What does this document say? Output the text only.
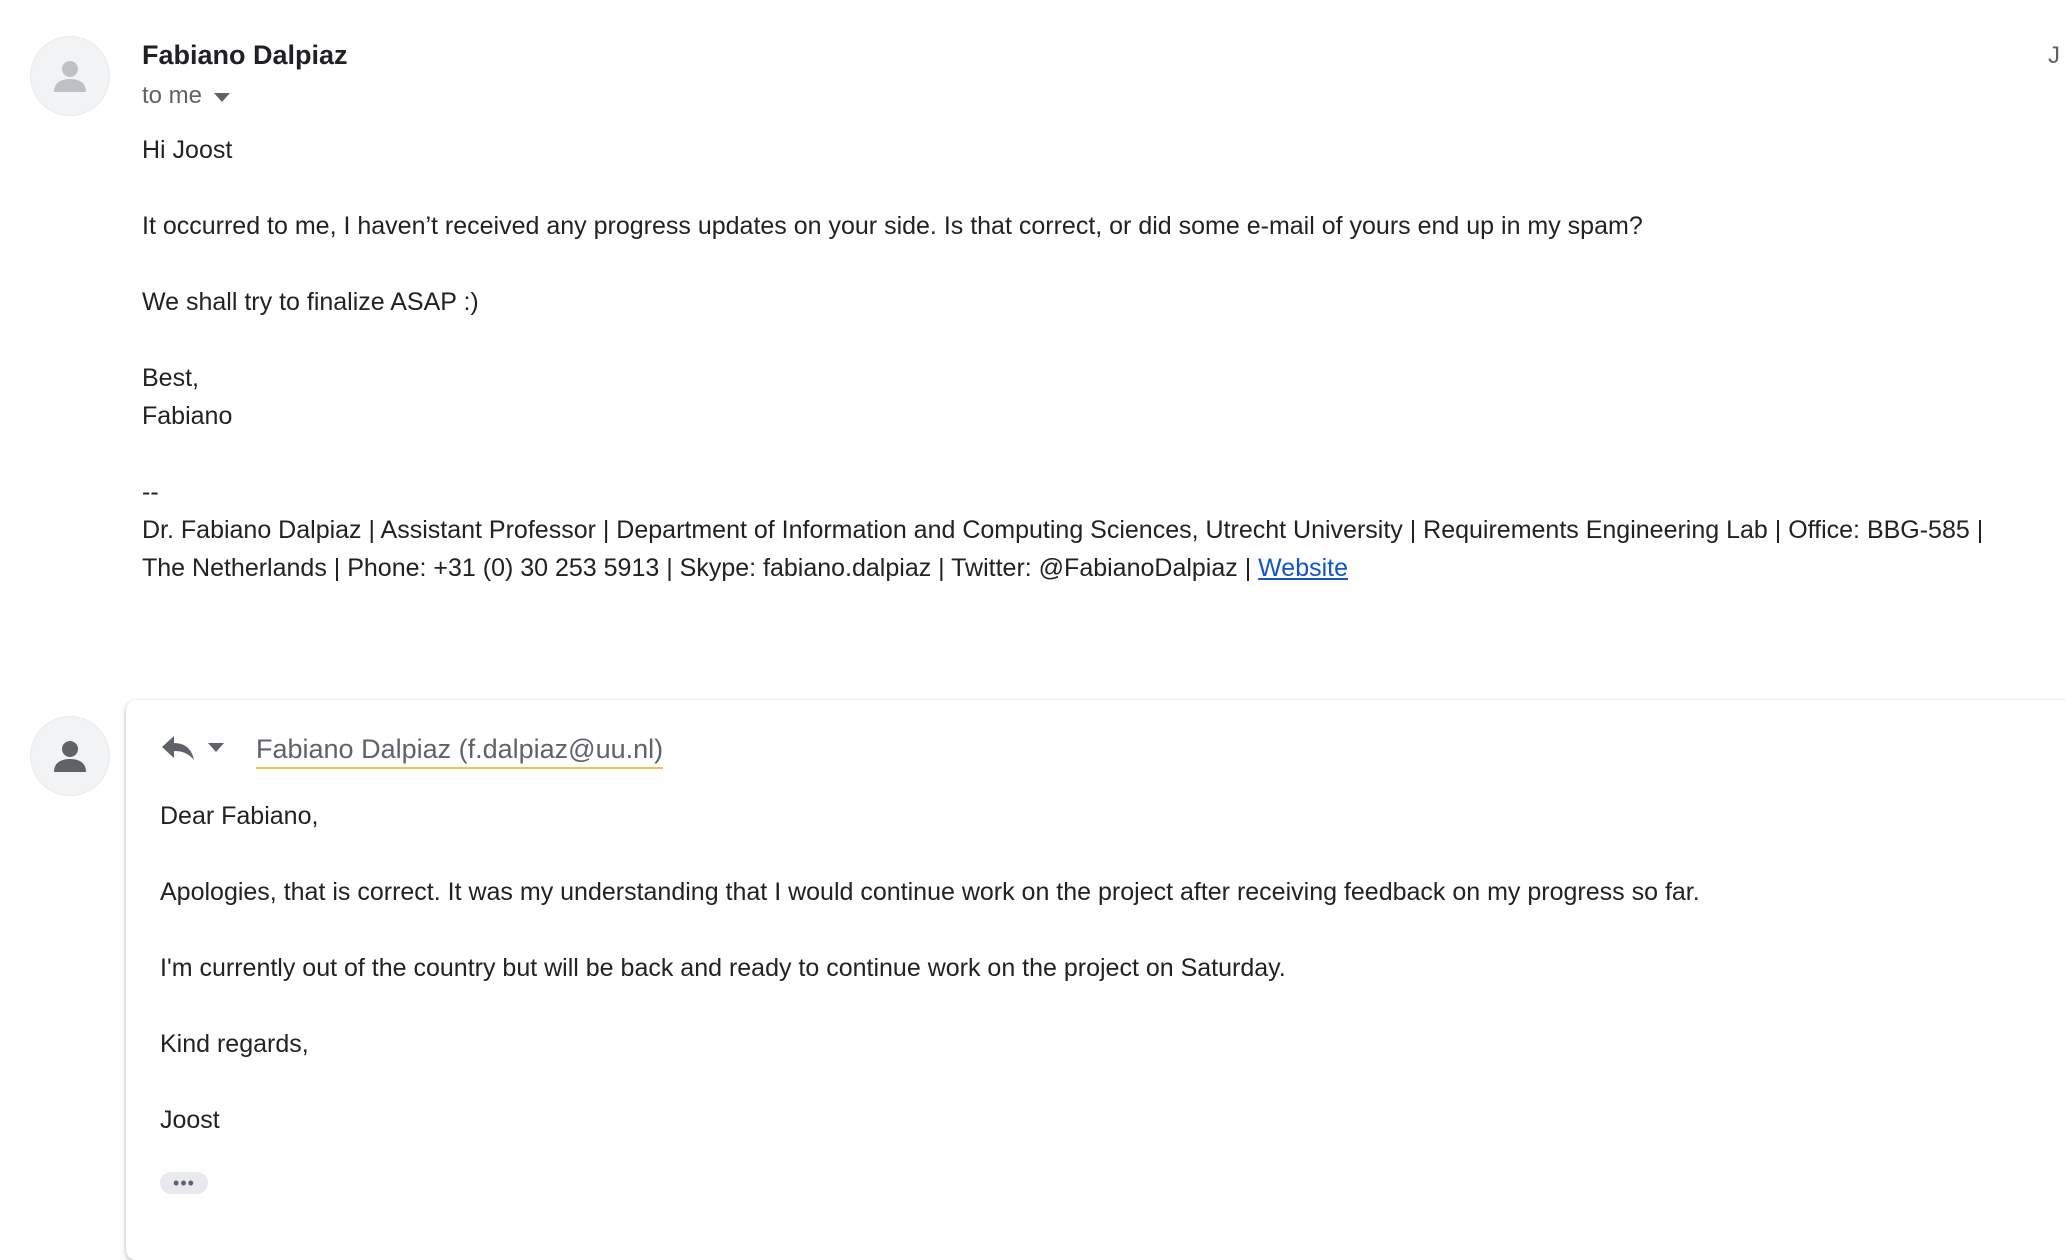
Fabiano Dalpiaz
to me
J
Hi Joost
It occurred to me, I haven’t received any progress updates on your side. Is that correct, or did some e-mail of yours end up in my spam?
We shall try to finalize ASAP :)
Best,
Fabiano
--
Dr. Fabiano Dalpiaz | Assistant Professor | Department of Information and Computing Sciences, Utrecht University | Requirements Engineering Lab | Office: BBG-585 |
The Netherlands | Phone: +31 (0) 30 253 5913 | Skype: fabiano.dalpiaz | Twitter: @FabianoDalpiaz | Website
Fabiano Dalpiaz (f.dalpiaz@uu.nl)
Dear Fabiano,
Apologies, that is correct. It was my understanding that I would continue work on the project after receiving feedback on my progress so far.
I'm currently out of the country but will be back and ready to continue work on the project on Saturday.
Kind regards,
Joost
•••
